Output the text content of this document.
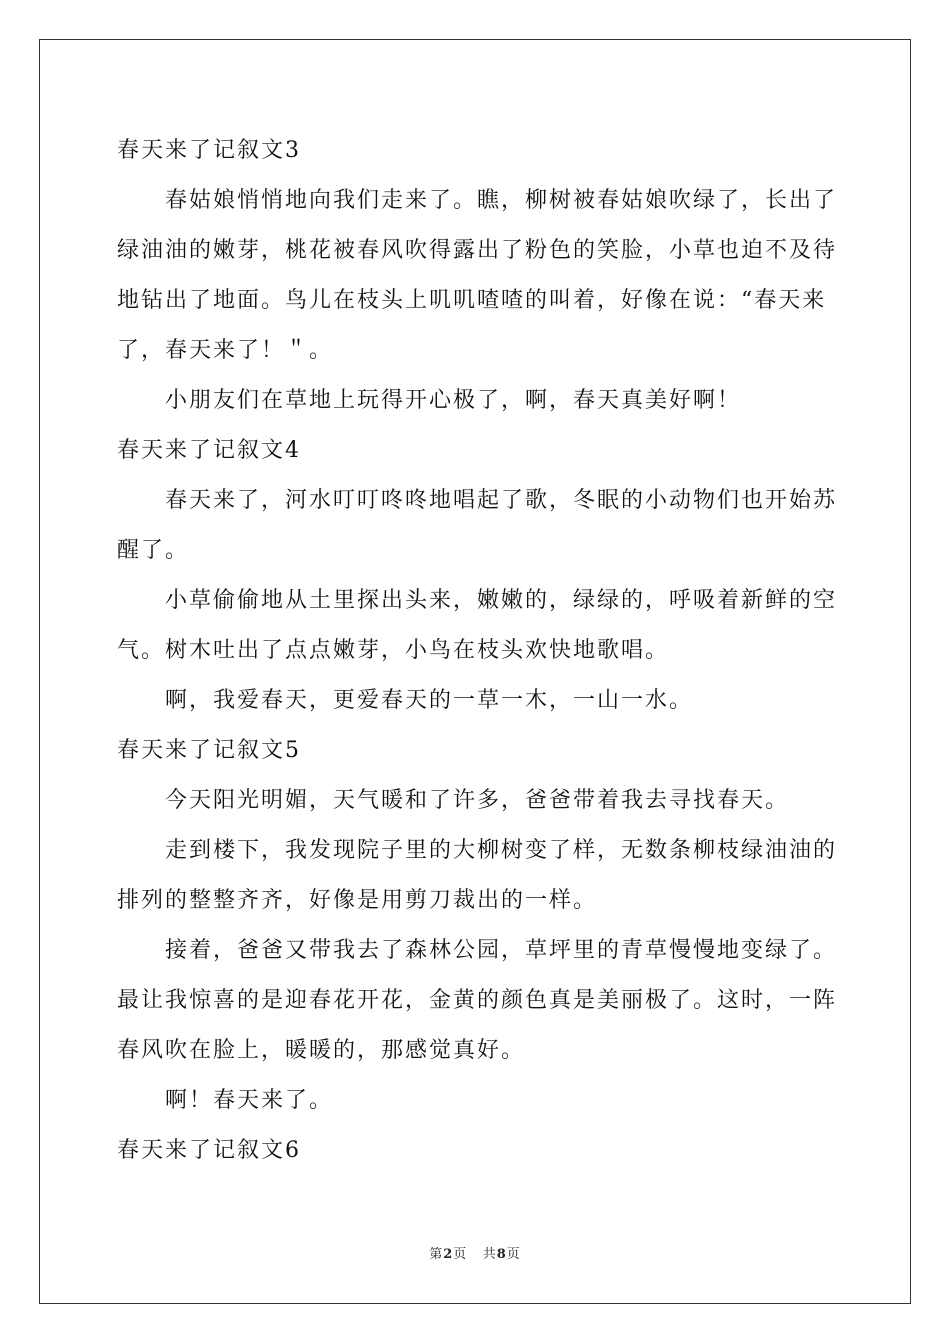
春天来了记叙文3
春姑娘悄悄地向我们走来了。瞧，柳树被春姑娘吹绿了，长出了
绿油油的嫩芽，桃花被春风吹得露出了粉色的笑脸，小草也迫不及待
地钻出了地面。鸟儿在枝头上叽叽喳喳的叫着，好像在说：“春天来
了，春天来了！＂。
小朋友们在草地上玩得开心极了，啊，春天真美好啊！
春天来了记叙文4
春天来了，河水叮叮咚咚地唱起了歌，冬眠的小动物们也开始苏
醒了。
小草偷偷地从土里探出头来，嫩嫩的，绿绿的，呼吸着新鲜的空
气。树木吐出了点点嫩芽，小鸟在枝头欢快地歌唱。
啊，我爱春天，更爱春天的一草一木，一山一水。
春天来了记叙文5
今天阳光明媚，天气暖和了许多，爸爸带着我去寻找春天。
走到楼下，我发现院子里的大柳树变了样，无数条柳枝绿油油的
排列的整整齐齐，好像是用剪刀裁出的一样。
接着，爸爸又带我去了森林公园，草坪里的青草慢慢地变绿了。
最让我惊喜的是迎春花开花，金黄的颜色真是美丽极了。这时，一阵
春风吹在脸上，暖暖的，那感觉真好。
啊！春天来了。
春天来了记叙文6
第2页 共8页
